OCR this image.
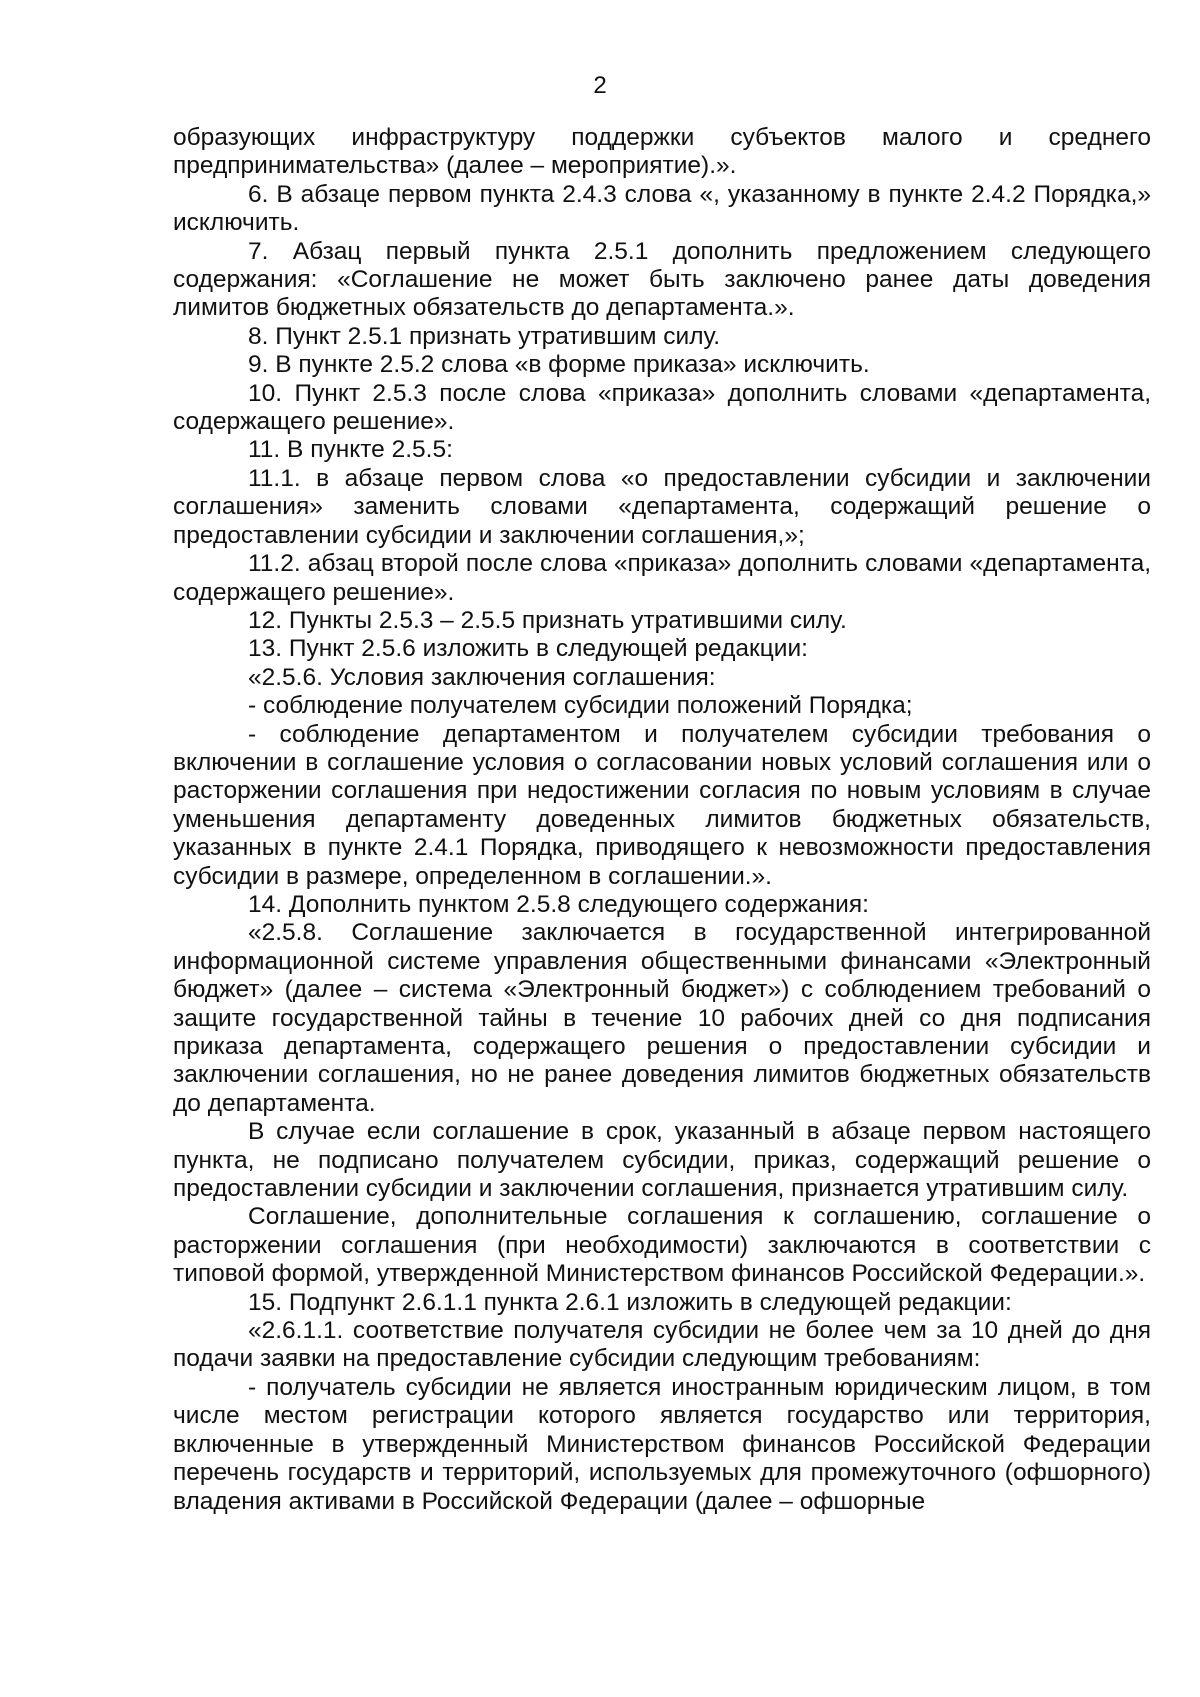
2

образующих инфраструктуру поддержки субъектов малого и среднего предпринимательства» (далее – мероприятие).».

6. В абзаце первом пункта 2.4.3 слова «, указанному в пункте 2.4.2 Порядка,» исключить.

7. Абзац первый пункта 2.5.1 дополнить предложением следующего содержания: «Соглашение не может быть заключено ранее даты доведения лимитов бюджетных обязательств до департамента.».

8. Пункт 2.5.1 признать утратившим силу.

9. В пункте 2.5.2 слова «в форме приказа» исключить.

10. Пункт 2.5.3 после слова «приказа» дополнить словами «департамента, содержащего решение».

11. В пункте 2.5.5:

11.1. в абзаце первом слова «о предоставлении субсидии и заключении соглашения» заменить словами «департамента, содержащий решение о предоставлении субсидии и заключении соглашения,»;

11.2. абзац второй после слова «приказа» дополнить словами «департамента, содержащего решение».

12. Пункты 2.5.3 – 2.5.5 признать утратившими силу.

13. Пункт 2.5.6 изложить в следующей редакции:

«2.5.6. Условия заключения соглашения:

- соблюдение получателем субсидии положений Порядка;

- соблюдение департаментом и получателем субсидии требования о включении в соглашение условия о согласовании новых условий соглашения или о расторжении соглашения при недостижении согласия по новым условиям в случае уменьшения департаменту доведенных лимитов бюджетных обязательств, указанных в пункте 2.4.1 Порядка, приводящего к невозможности предоставления субсидии в размере, определенном в соглашении.».

14. Дополнить пунктом 2.5.8 следующего содержания:

«2.5.8. Соглашение заключается в государственной интегрированной информационной системе управления общественными финансами «Электронный бюджет» (далее – система «Электронный бюджет») с соблюдением требований о защите государственной тайны в течение 10 рабочих дней со дня подписания приказа департамента, содержащего решения о предоставлении субсидии и заключении соглашения, но не ранее доведения лимитов бюджетных обязательств до департамента.

В случае если соглашение в срок, указанный в абзаце первом настоящего пункта, не подписано получателем субсидии, приказ, содержащий решение о предоставлении субсидии и заключении соглашения, признается утратившим силу.

Соглашение, дополнительные соглашения к соглашению, соглашение о расторжении соглашения (при необходимости) заключаются в соответствии с типовой формой, утвержденной Министерством финансов Российской Федерации.».

15. Подпункт 2.6.1.1 пункта 2.6.1 изложить в следующей редакции:

«2.6.1.1. соответствие получателя субсидии не более чем за 10 дней до дня подачи заявки на предоставление субсидии следующим требованиям:

- получатель субсидии не является иностранным юридическим лицом, в том числе местом регистрации которого является государство или территория, включенные в утвержденный Министерством финансов Российской Федерации перечень государств и территорий, используемых для промежуточного (офшорного) владения активами в Российской Федерации (далее – офшорные
